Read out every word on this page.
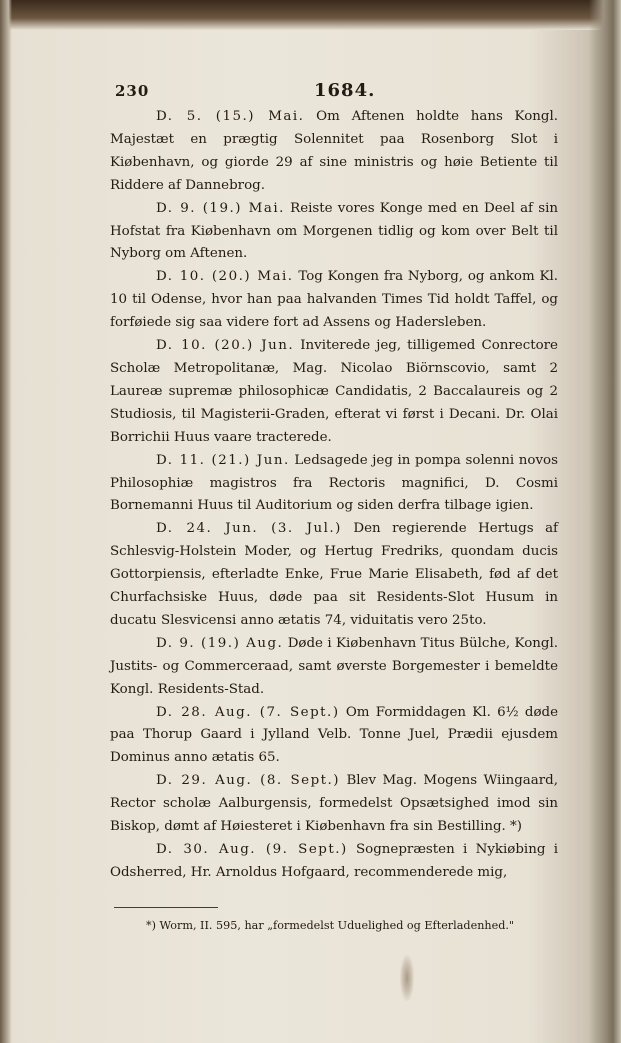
230	1684.

D. 5. (15.) Mai. Om Aftenen holdte hans Kongl. Majestæt en prægtig Solennitet paa Rosenborg Slot i Kiøbenhavn, og giorde 29 af sine ministris og høie Betiente til Riddere af Dannebrog.

D. 9. (19.) Mai. Reiste vores Konge med en Deel af sin Hofstat fra Kiøbenhavn om Morgenen tidlig og kom over Belt til Nyborg om Aftenen.

D. 10. (20.) Mai. Tog Kongen fra Nyborg, og ankom Kl. 10 til Odense, hvor han paa halvanden Times Tid holdt Taffel, og forføiede sig saa videre fort ad Assens og Hadersleben.

D. 10. (20.) Jun. Inviterede jeg, tilligemed Conrectore Scholæ Metropolitanæ, Mag. Nicolao Biörnscovio, samt 2 Laureæ supremæ philosophicæ Candidatis, 2 Baccalaureis og 2 Studiosis, til Magisterii-Graden, efterat vi først i Decani. Dr. Olai Borrichii Huus vaare tracterede.

D. 11. (21.) Jun. Ledsagede jeg in pompa solenni novos Philosophiæ magistros fra Rectoris magnifici, D. Cosmi Bornemanni Huus til Auditorium og siden derfra tilbage igien.

D. 24. Jun. (3. Jul.) Den regierende Hertugs af Schlesvig-Holstein Moder, og Hertug Fredriks, quondam ducis Gottorpiensis, efterladte Enke, Frue Marie Elisabeth, fød af det Churfachsiske Huus, døde paa sit Residents-Slot Husum in ducatu Slesvicensi anno ætatis 74, viduitatis vero 25to.

D. 9. (19.) Aug. Døde i Kiøbenhavn Titus Bülche, Kongl. Justits- og Commerceraad, samt øverste Borgemester i bemeldte Kongl. Residents-Stad.

D. 28. Aug. (7. Sept.) Om Formiddagen Kl. 6½ døde paa Thorup Gaard i Jylland Velb. Tonne Juel, Prædii ejusdem Dominus anno ætatis 65.

D. 29. Aug. (8. Sept.) Blev Mag. Mogens Wiingaard, Rector scholæ Aalburgensis, formedelst Opsætsighed imod sin Biskop, dømt af Høiesteret i Kiøbenhavn fra sin Bestilling. *)

D. 30. Aug. (9. Sept.) Sognepræsten i Nykiøbing i Odsherred, Hr. Arnoldus Hofgaard, recommenderede mig,

*) Worm, II. 595, har „formedelst Uduelighed og Efterladenhed."
